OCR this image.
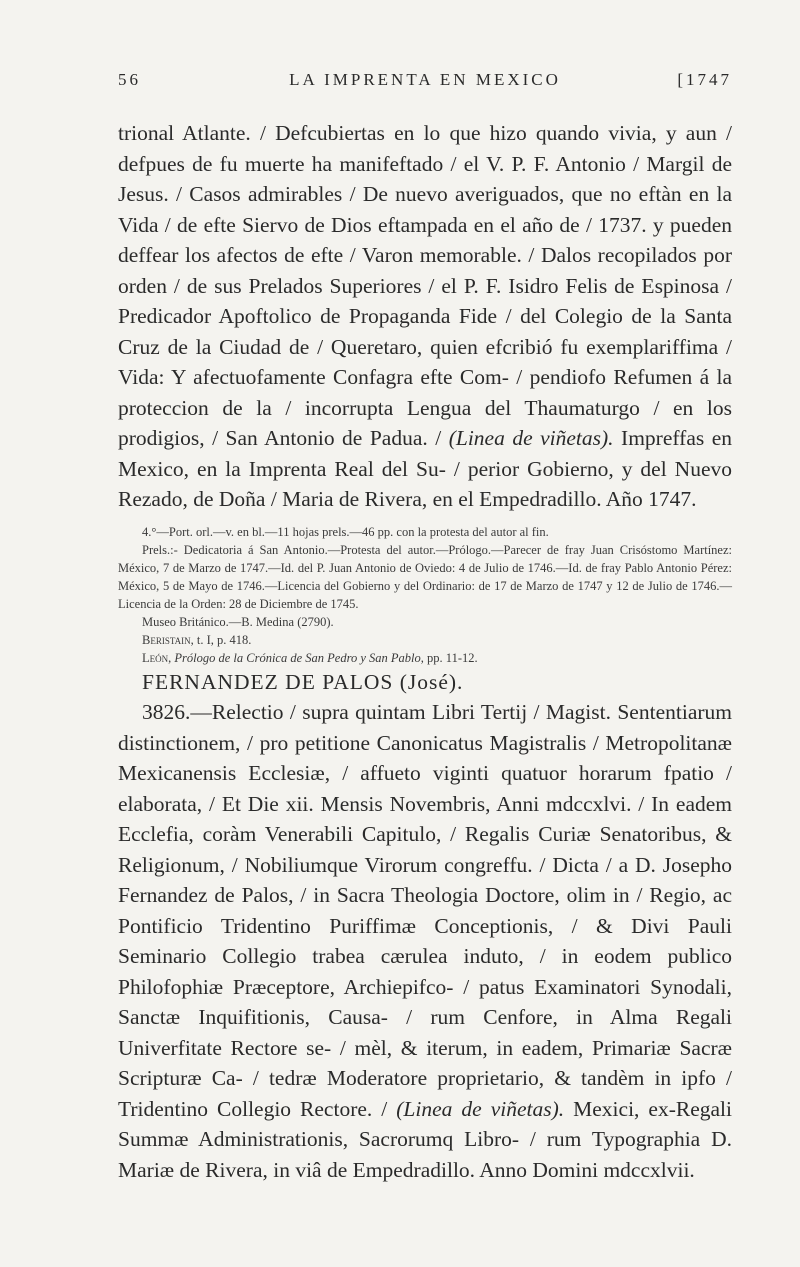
56	LA IMPRENTA EN MEXICO	[1747

trional Atlante. / Defcubiertas en lo que hizo quando vivia, y aun / defpues de fu muerte ha manifeftado / el V. P. F. Antonio / Margil de Jesus. / Casos admirables / De nuevo averiguados, que no eftàn en la Vida / de efte Siervo de Dios eftampada en el año de / 1737. y pueden deffear los afectos de efte / Varon memorable. / Dalos recopilados por orden / de sus Prelados Superiores / el P. F. Isidro Felis de Espinosa / Predicador Apoftolico de Propaganda Fide / del Colegio de la Santa Cruz de la Ciudad de / Queretaro, quien efcribió fu exemplariffima / Vida: Y afectuofamente Confagra efte Com- / pendiofo Refumen á la proteccion de la / incorrupta Lengua del Thaumaturgo / en los prodigios, / San Antonio de Padua. / (Linea de viñetas). Impreffas en Mexico, en la Imprenta Real del Su- / perior Gobierno, y del Nuevo Rezado, de Doña / Maria de Rivera, en el Empedradillo. Año 1747.

4.°—Port. orl.—v. en bl.—11 hojas prels.—46 pp. con la protesta del autor al fin.

Prels.:- Dedicatoria á San Antonio.—Protesta del autor.—Prólogo.—Parecer de fray Juan Crisóstomo Martínez: México, 7 de Marzo de 1747.—Id. del P. Juan Antonio de Oviedo: 4 de Julio de 1746.—Id. de fray Pablo Antonio Pérez: México, 5 de Mayo de 1746.—Licencia del Gobierno y del Ordinario: de 17 de Marzo de 1747 y 12 de Julio de 1746.—Licencia de la Orden: 28 de Diciembre de 1745.

Museo Británico.—B. Medina (2790).

Beristain, t. I, p. 418.

León, Prólogo de la Crónica de San Pedro y San Pablo, pp. 11-12.

FERNANDEZ DE PALOS (José).

3826.—Relectio / supra quintam Libri Tertij / Magist. Sententiarum distinctionem, / pro petitione Canonicatus Magistralis / Metropolitanæ Mexicanensis Ecclesiæ, / affueto viginti quatuor horarum fpatio / elaborata, / Et Die xii. Mensis Novembris, Anni mdccxlvi. / In eadem Ecclefia, coràm Venerabili Capitulo, / Regalis Curiæ Senatoribus, & Religionum, / Nobiliumque Virorum congreffu. / Dicta / a D. Josepho Fernandez de Palos, / in Sacra Theologia Doctore, olim in / Regio, ac Pontificio Tridentino Puriffimæ Conceptionis, / & Divi Pauli Seminario Collegio trabea cærulea induto, / in eodem publico Philofophiæ Præceptore, Archiepifco- / patus Examinatori Synodali, Sanctæ Inquifitionis, Causa- / rum Cenfore, in Alma Regali Univerfitate Rectore se- / mèl, & iterum, in eadem, Primariæ Sacræ Scripturæ Ca- / tedræ Moderatore proprietario, & tandèm in ipfo / Tridentino Collegio Rectore. / (Linea de viñetas). Mexici, ex-Regali Summæ Administrationis, Sacrorumq Libro- / rum Typographia D. Mariæ de Rivera, in viâ de Empedradillo. Anno Domini mdccxlvii.
